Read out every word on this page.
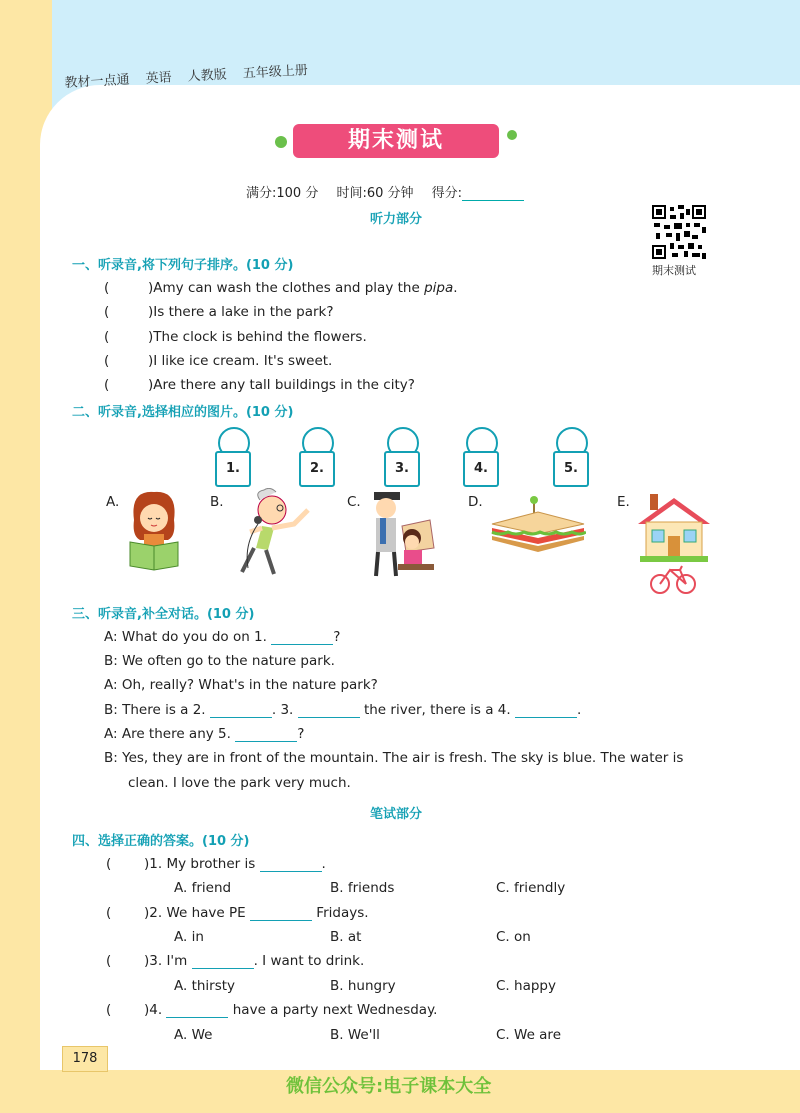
教材一点通 英语 人教版 五年级上册
期末测试
满分:100 分 时间:60 分钟 得分:
听力部分
期末测试
一、听录音,将下列句子排序。(10 分)
(	)Amy can wash the clothes and play the pipa.
(	)Is there a lake in the park?
(	)The clock is behind the flowers.
(	)I like ice cream. It's sweet.
(	)Are there any tall buildings in the city?
二、听录音,选择相应的图片。(10 分)
1.	2.	3.	4.	5.
A.	B.	C.	D.	E.
三、听录音,补全对话。(10 分)
A: What do you do on 1.	?
B: We often go to the nature park.
A: Oh, really? What's in the nature park?
B: There is a 2.	. 3.	the river, there is a 4.	.
A: Are there any 5.	?
B: Yes, they are in front of the mountain. The air is fresh. The sky is blue. The water is
clean. I love the park very much.
笔试部分
四、选择正确的答案。(10 分)
( )1. My brother is	.
A. friend	B. friends	C. friendly
( )2. We have PE	Fridays.
A. in	B. at	C. on
( )3. I'm	. I want to drink.
A. thirsty	B. hungry	C. happy
( )4.	have a party next Wednesday.
A. We	B. We'll	C. We are
178
微信公众号:电子课本大全
